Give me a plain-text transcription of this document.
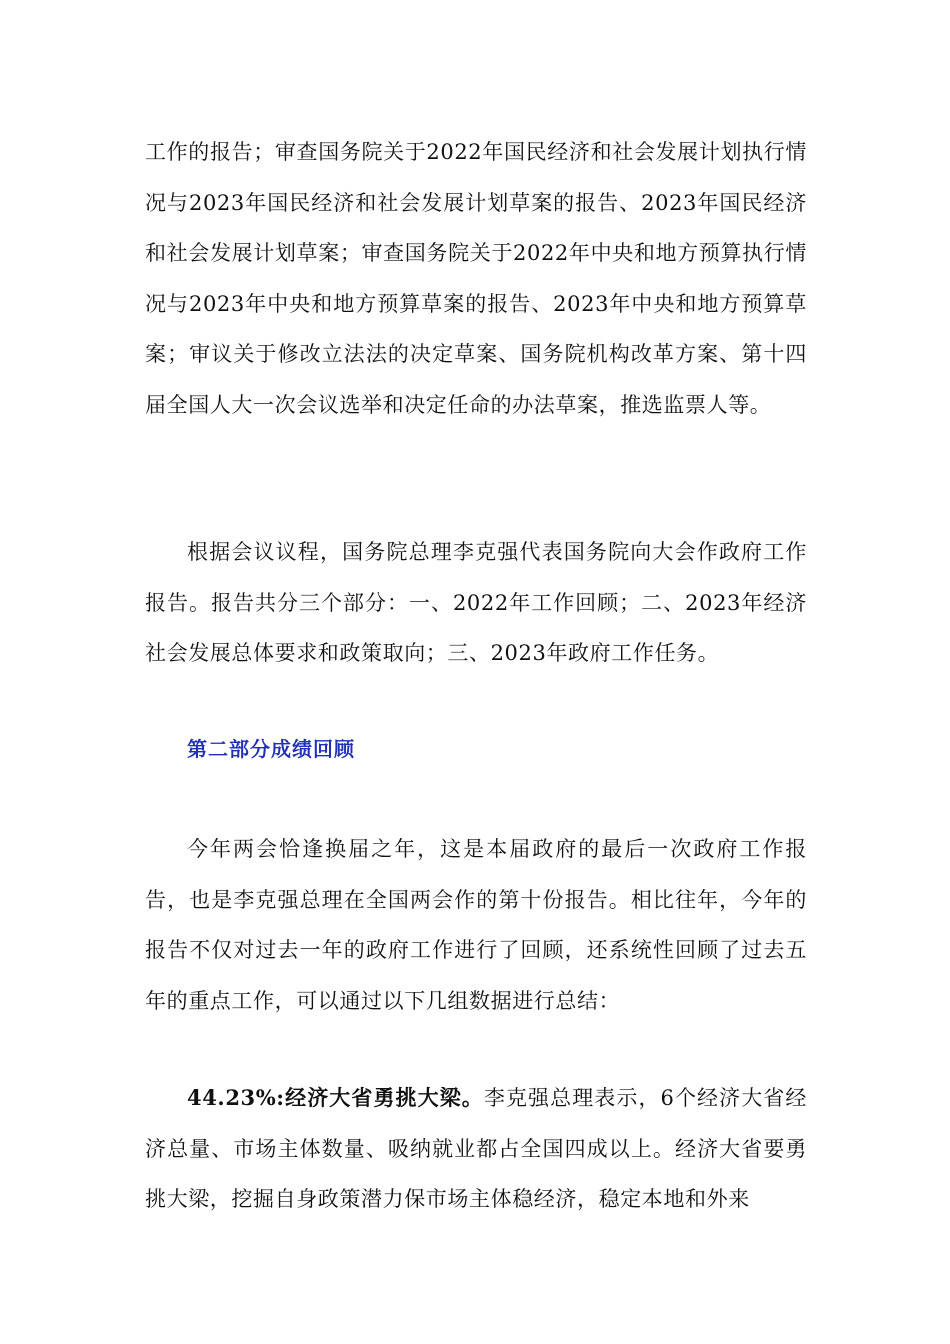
工作的报告；审查国务院关于2022年国民经济和社会发展计划执行情况与2023年国民经济和社会发展计划草案的报告、2023年国民经济和社会发展计划草案；审查国务院关于2022年中央和地方预算执行情况与2023年中央和地方预算草案的报告、2023年中央和地方预算草案；审议关于修改立法法的决定草案、国务院机构改革方案、第十四届全国人大一次会议选举和决定任命的办法草案，推选监票人等。

根据会议议程，国务院总理李克强代表国务院向大会作政府工作报告。报告共分三个部分：一、2022年工作回顾；二、2023年经济社会发展总体要求和政策取向；三、2023年政府工作任务。

第二部分成绩回顾

今年两会恰逢换届之年，这是本届政府的最后一次政府工作报告，也是李克强总理在全国两会作的第十份报告。相比往年，今年的报告不仅对过去一年的政府工作进行了回顾，还系统性回顾了过去五年的重点工作，可以通过以下几组数据进行总结：

44.23%:经济大省勇挑大梁。李克强总理表示，6个经济大省经济总量、市场主体数量、吸纳就业都占全国四成以上。经济大省要勇挑大梁，挖掘自身政策潜力保市场主体稳经济，稳定本地和外来
